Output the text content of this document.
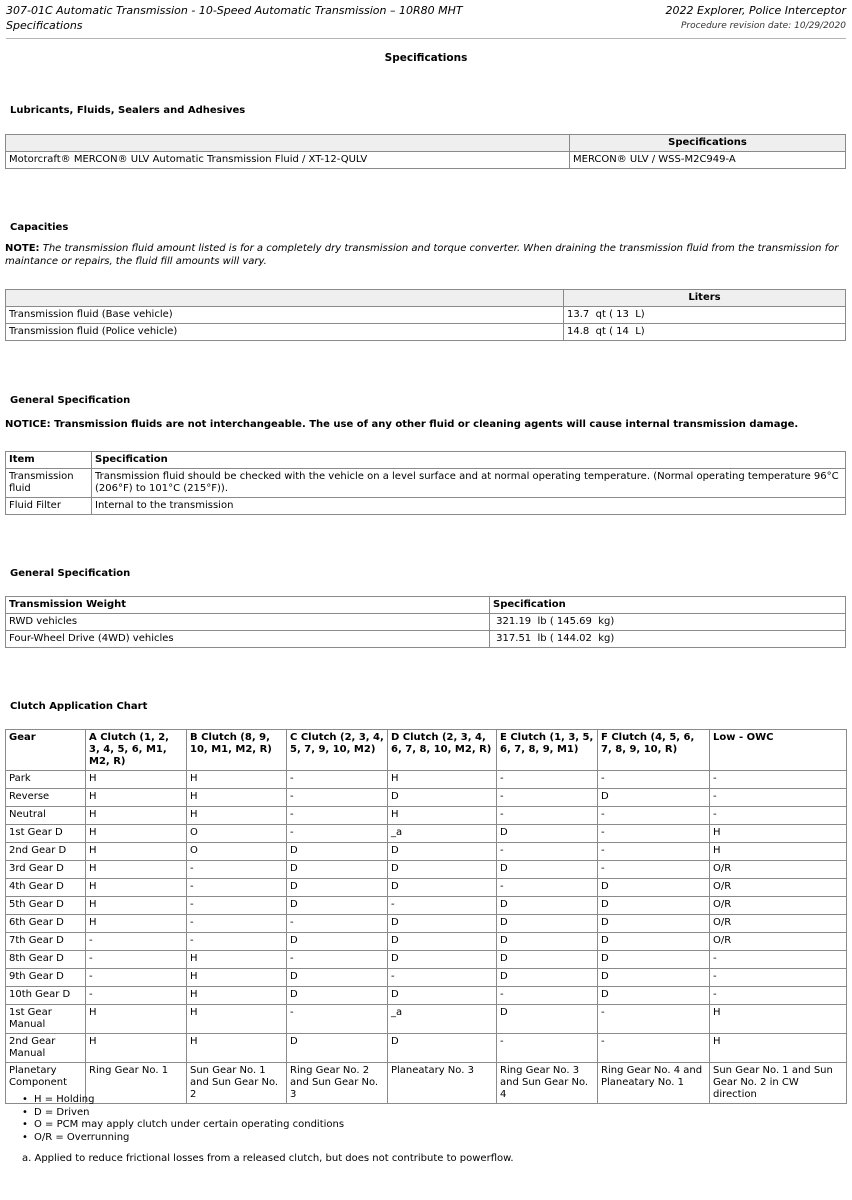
307-01C Automatic Transmission - 10-Speed Automatic Transmission – 10R80 MHT
Specifications
2022 Explorer, Police Interceptor
Procedure revision date: 10/29/2020
Specifications
Lubricants, Fluids, Sealers and Adhesives
	Specifications
Motorcraft® MERCON® ULV Automatic Transmission Fluid / XT-12-QULV	MERCON® ULV / WSS-M2C949-A
Capacities
NOTE: The transmission fluid amount listed is for a completely dry transmission and torque converter. When draining the transmission fluid from the transmission for maintance or repairs, the fluid fill amounts will vary.
	Liters
Transmission fluid (Base vehicle)	13.7  qt ( 13  L)
Transmission fluid (Police vehicle)	14.8  qt ( 14  L)
General Specification
NOTICE: Transmission fluids are not interchangeable. The use of any other fluid or cleaning agents will cause internal transmission damage.
Item	Specification
Transmission fluid	Transmission fluid should be checked with the vehicle on a level surface and at normal operating temperature. (Normal operating temperature 96°C (206°F) to 101°C (215°F)).
Fluid Filter	Internal to the transmission
General Specification
Transmission Weight	Specification
RWD vehicles	321.19  lb ( 145.69  kg)
Four-Wheel Drive (4WD) vehicles	317.51  lb ( 144.02  kg)
Clutch Application Chart
Gear	A Clutch (1, 2, 3, 4, 5, 6, M1, M2, R)	B Clutch (8, 9, 10, M1, M2, R)	C Clutch (2, 3, 4, 5, 7, 9, 10, M2)	D Clutch (2, 3, 4, 6, 7, 8, 10, M2, R)	E Clutch (1, 3, 5, 6, 7, 8, 9, M1)	F Clutch (4, 5, 6, 7, 8, 9, 10, R)	Low - OWC
Park	H	H	-	H	-	-	-
Reverse	H	H	-	D	-	D	-
Neutral	H	H	-	H	-	-	-
1st Gear D	H	O	-	_a	D	-	H
2nd Gear D	H	O	D	D	-	-	H
3rd Gear D	H	-	D	D	D	-	O/R
4th Gear D	H	-	D	D	-	D	O/R
5th Gear D	H	-	D	-	D	D	O/R
6th Gear D	H	-	-	D	D	D	O/R
7th Gear D	-	-	D	D	D	D	O/R
8th Gear D	-	H	-	D	D	D	-
9th Gear D	-	H	D	-	D	D	-
10th Gear D	-	H	D	D	-	D	-
1st Gear Manual	H	H	-	_a	D	-	H
2nd Gear Manual	H	H	D	D	-	-	H
Planetary Component	Ring Gear No. 1	Sun Gear No. 1 and Sun Gear No. 2	Ring Gear No. 2 and Sun Gear No. 3	Planeatary No. 3	Ring Gear No. 3 and Sun Gear No. 4	Ring Gear No. 4 and Planeatary No. 1	Sun Gear No. 1 and Sun Gear No. 2 in CW direction
• H = Holding
• D = Driven
• O = PCM may apply clutch under certain operating conditions
• O/R = Overrunning
a. Applied to reduce frictional losses from a released clutch, but does not contribute to powerflow.
